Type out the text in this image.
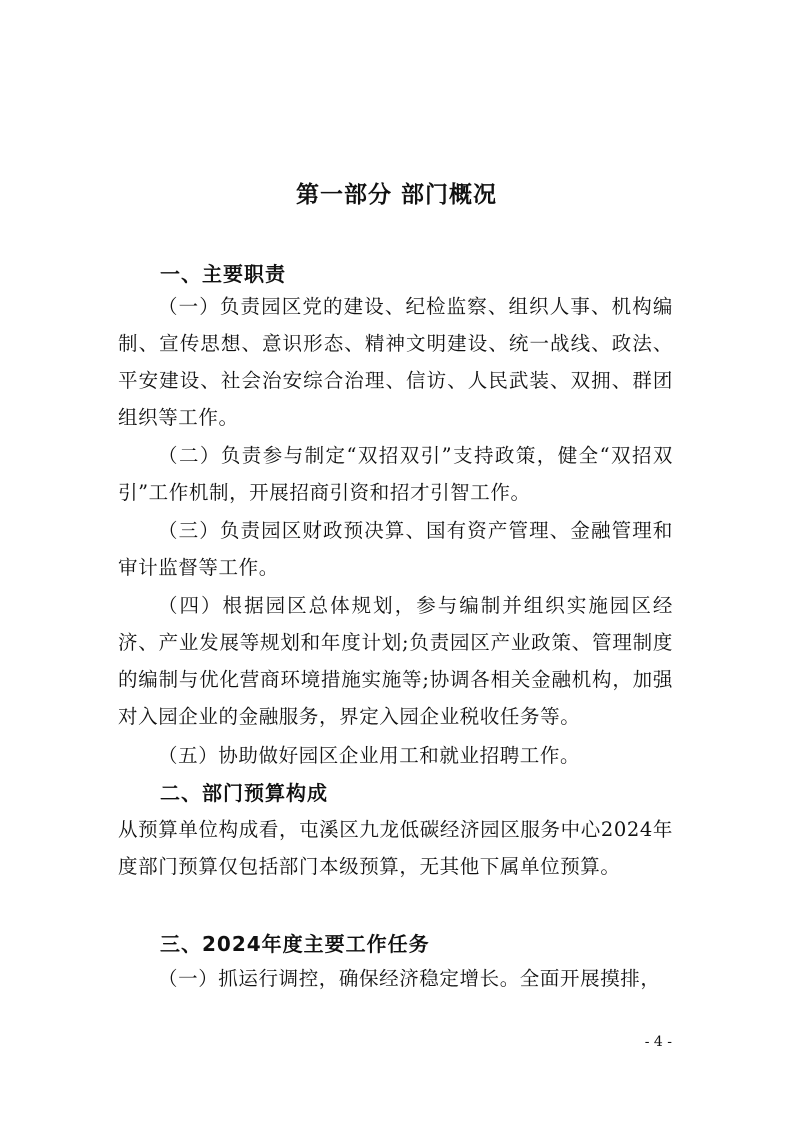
第一部分 部门概况
一、主要职责
（一）负责园区党的建设、纪检监察、组织人事、机构编制、宣传思想、意识形态、精神文明建设、统一战线、政法、平安建设、社会治安综合治理、信访、人民武装、双拥、群团组织等工作。
（二）负责参与制定“双招双引”支持政策，健全“双招双引”工作机制，开展招商引资和招才引智工作。
（三）负责园区财政预决算、国有资产管理、金融管理和审计监督等工作。
（四）根据园区总体规划，参与编制并组织实施园区经济、产业发展等规划和年度计划;负责园区产业政策、管理制度的编制与优化营商环境措施实施等;协调各相关金融机构，加强对入园企业的金融服务，界定入园企业税收任务等。
（五）协助做好园区企业用工和就业招聘工作。
二、部门预算构成
从预算单位构成看，屯溪区九龙低碳经济园区服务中心2024年度部门预算仅包括部门本级预算，无其他下属单位预算。
三、2024年度主要工作任务
（一）抓运行调控，确保经济稳定增长。全面开展摸排，
- 4 -
